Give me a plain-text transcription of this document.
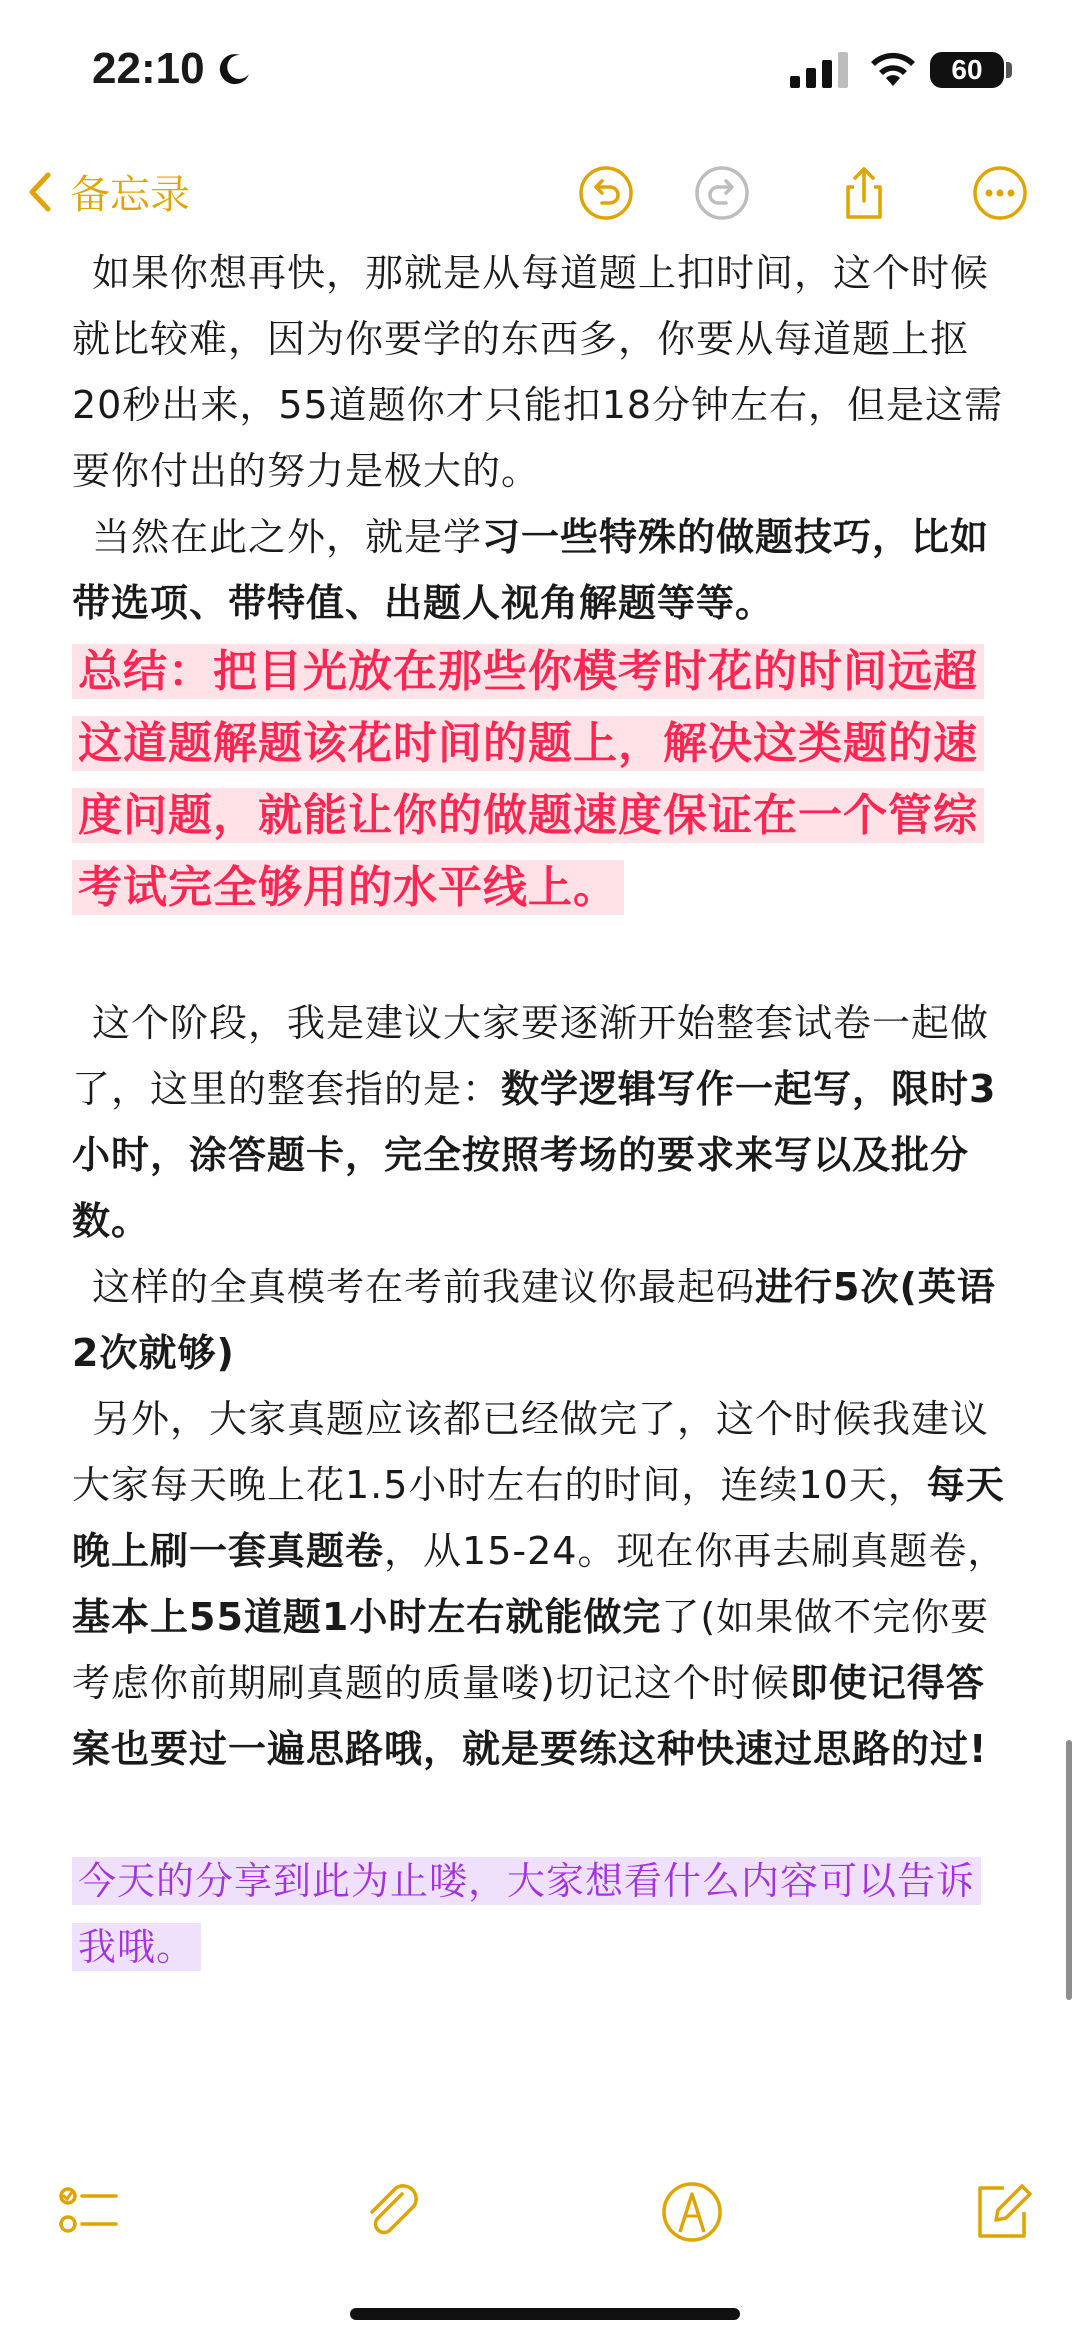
22:10	60
备忘录

如果你想再快，那就是从每道题上扣时间，这个时候就比较难，因为你要学的东西多，你要从每道题上抠20秒出来，55道题你才只能扣18分钟左右，但是这需要你付出的努力是极大的。

当然在此之外，就是学习一些特殊的做题技巧，比如带选项、带特值、出题人视角解题等等。

总结：把目光放在那些你模考时花的时间远超这道题解题该花时间的题上，解决这类题的速度问题，就能让你的做题速度保证在一个管综考试完全够用的水平线上。

这个阶段，我是建议大家要逐渐开始整套试卷一起做了，这里的整套指的是：数学逻辑写作一起写，限时3小时，涂答题卡，完全按照考场的要求来写以及批分数。

这样的全真模考在考前我建议你最起码进行5次(英语2次就够)

另外，大家真题应该都已经做完了，这个时候我建议大家每天晚上花1.5小时左右的时间，连续10天，每天晚上刷一套真题卷，从15-24。现在你再去刷真题卷，基本上55道题1小时左右就能做完了(如果做不完你要考虑你前期刷真题的质量喽)切记这个时候即使记得答案也要过一遍思路哦，就是要练这种快速过思路的过!

今天的分享到此为止喽，大家想看什么内容可以告诉我哦。
